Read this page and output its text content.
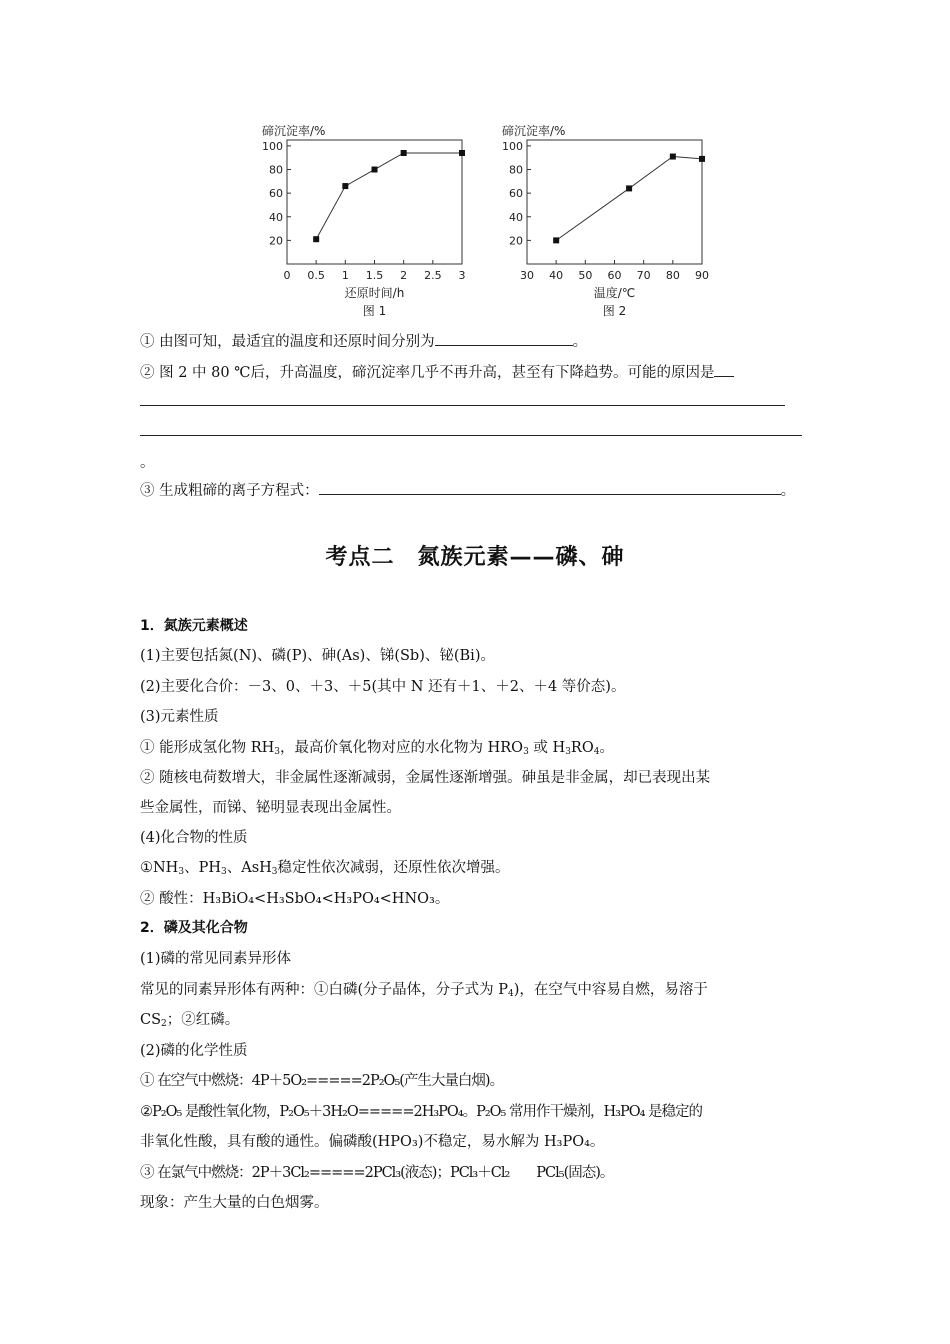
20
40
60
80
100
0 0.5 1 1.5 2 2.5 3
碲沉淀率/%
还原时间/h
图 1
20
40
60
80
100
30 40 50 60 70 80 90
碲沉淀率/%
温度/℃
图 2
① 由图可知，最适宜的温度和还原时间分别为	。
② 图 2 中 80 ℃后，升高温度，碲沉淀率几乎不再升高，甚至有下降趋势。可能的原因是
。
③ 生成粗碲的离子方程式：	。
考点二　氮族元素——磷、砷
1．氮族元素概述
(1)主要包括氮(N)、磷(P)、砷(As)、锑(Sb)、铋(Bi)。
(2)主要化合价：－3、0、＋3、＋5(其中 N 还有＋1、＋2、＋4 等价态)。
(3)元素性质
① 能形成氢化物 $RH_3$，最高价氧化物对应的水化物为 $HRO_3$ 或 $H_3RO_4$。
② 随核电荷数增大，非金属性逐渐减弱，金属性逐渐增强。砷虽是非金属，却已表现出某
些金属性，而锑、铋明显表现出金属性。
(4)化合物的性质
$①NH_3$、$PH_3$、AsH$_3$稳定性依次减弱，还原性依次增强。
② 酸性：H₃BiO₄<H₃SbO₄<H₃PO₄<HNO₃。
2．磷及其化合物
(1)磷的常见同素异形体
常见的同素异形体有两种：①白磷(分子晶体，分子式为 $P_4$)，在空气中容易自燃，易溶于
$CS_2$；②红磷。
(2)磷的化学性质
① 在空气中燃烧：4P＋5O₂=====2P₂O₅(产生大量白烟)。
②P₂O₅ 是酸性氧化物，P₂O₅＋3H₂O=====2H₃PO₄。P₂O₅ 常用作干燥剂，H₃PO₄ 是稳定的
非氧化性酸，具有酸的通性。偏磷酸(HPO₃)不稳定，易水解为 H₃PO₄。
③ 在氯气中燃烧：2P＋3Cl₂=====2PCl₃(液态)；PCl₃＋Cl₂　　PCl₅(固态)。
现象：产生大量的白色烟雾。
